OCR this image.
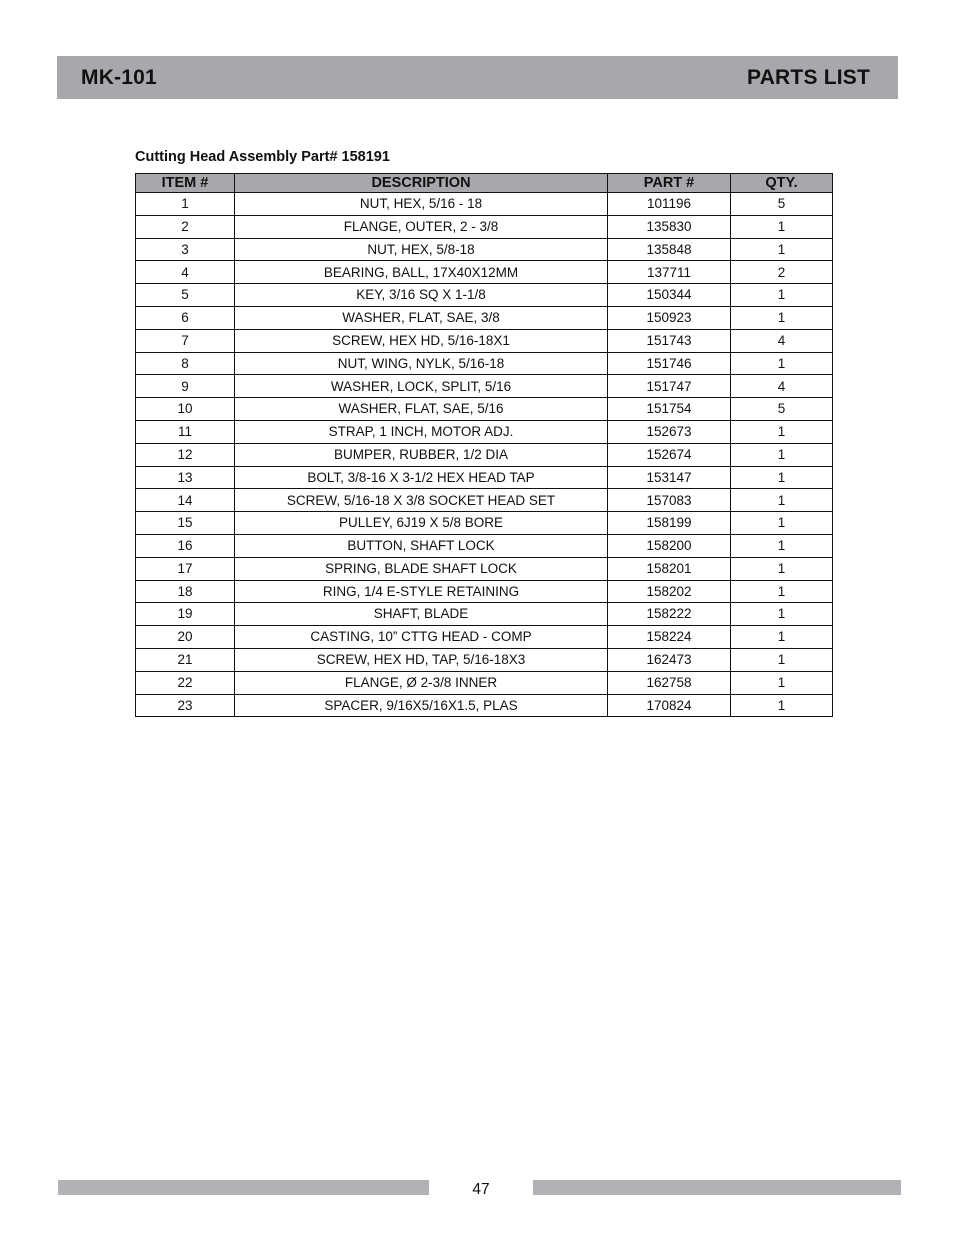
MK-101	PARTS LIST
Cutting Head Assembly Part# 158191
ITEM #	DESCRIPTION	PART #	QTY.
1	NUT, HEX, 5/16 - 18	101196	5
2	FLANGE, OUTER, 2 - 3/8	135830	1
3	NUT, HEX, 5/8-18	135848	1
4	BEARING, BALL, 17X40X12MM	137711	2
5	KEY, 3/16 SQ X 1-1/8	150344	1
6	WASHER, FLAT, SAE, 3/8	150923	1
7	SCREW, HEX HD, 5/16-18X1	151743	4
8	NUT, WING, NYLK, 5/16-18	151746	1
9	WASHER, LOCK, SPLIT, 5/16	151747	4
10	WASHER, FLAT, SAE, 5/16	151754	5
11	STRAP, 1 INCH, MOTOR ADJ.	152673	1
12	BUMPER, RUBBER, 1/2 DIA	152674	1
13	BOLT, 3/8-16 X 3-1/2 HEX HEAD TAP	153147	1
14	SCREW, 5/16-18 X 3/8 SOCKET HEAD SET	157083	1
15	PULLEY, 6J19 X 5/8 BORE	158199	1
16	BUTTON, SHAFT LOCK	158200	1
17	SPRING, BLADE SHAFT LOCK	158201	1
18	RING, 1/4 E-STYLE RETAINING	158202	1
19	SHAFT, BLADE	158222	1
20	CASTING, 10” CTTG HEAD - COMP	158224	1
21	SCREW, HEX HD, TAP, 5/16-18X3	162473	1
22	FLANGE, Ø 2-3/8 INNER	162758	1
23	SPACER, 9/16X5/16X1.5, PLAS	170824	1
47
